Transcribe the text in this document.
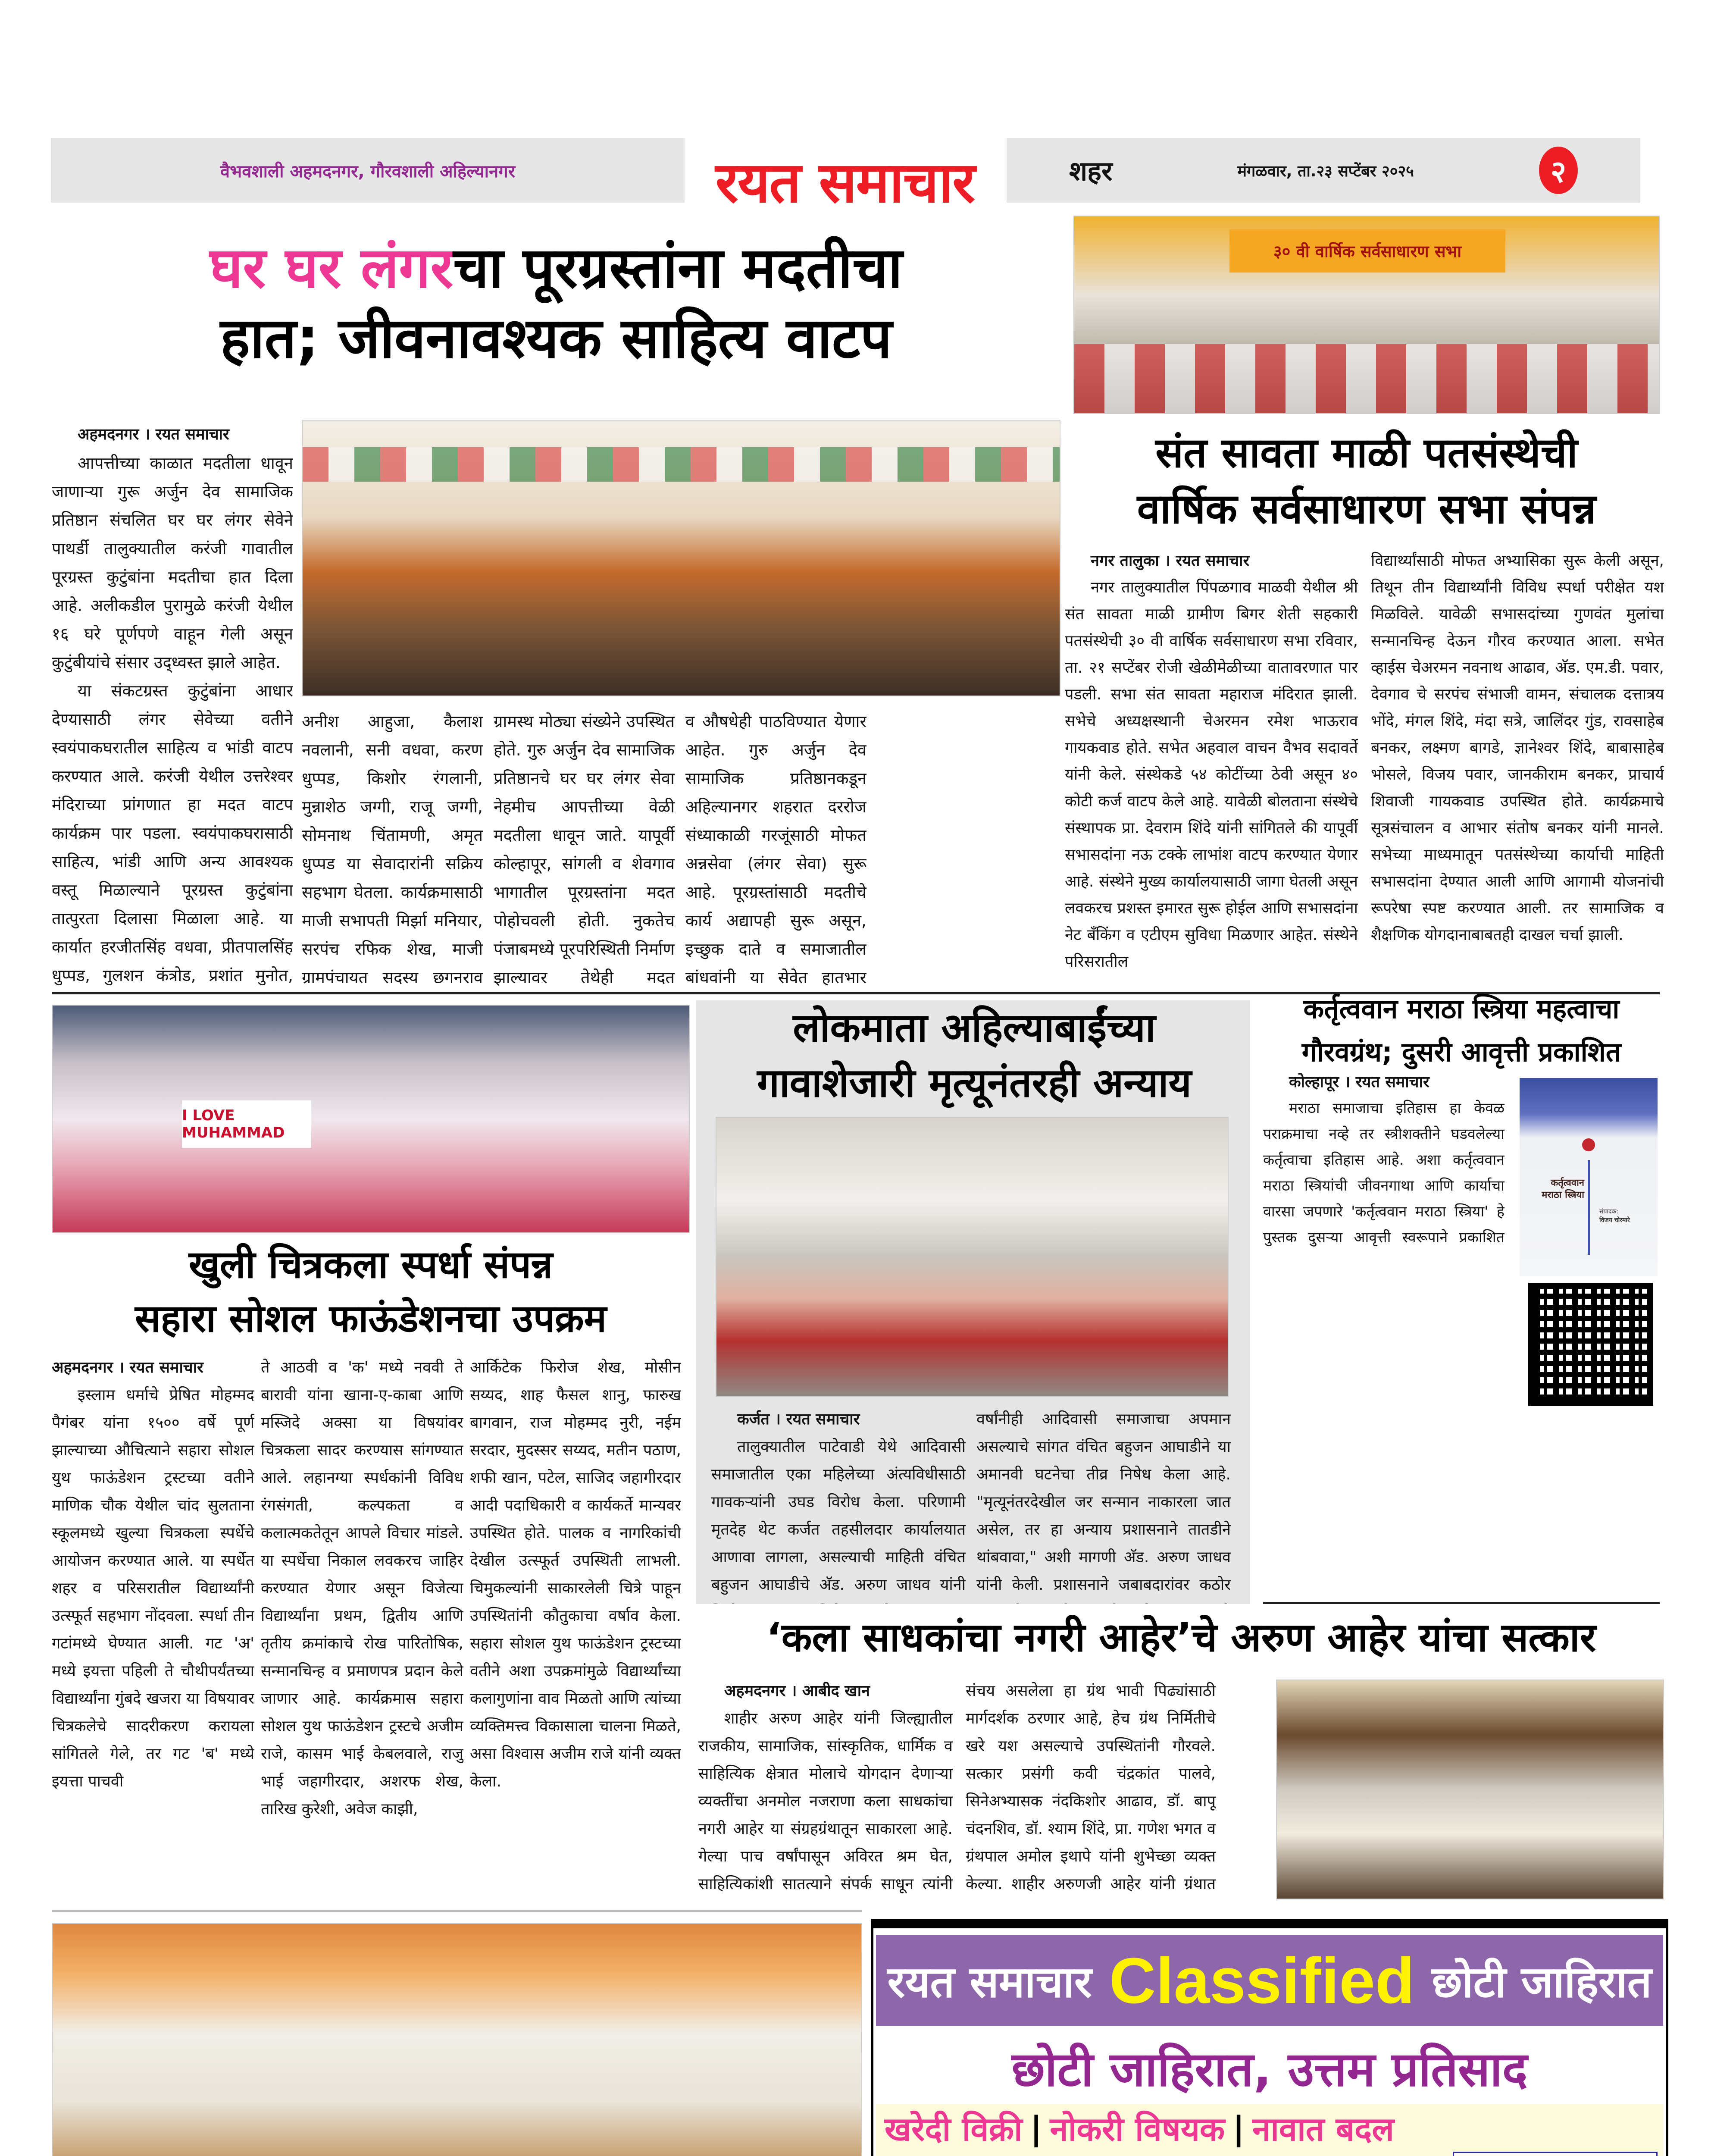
वैभवशाली अहमदनगर, गौरवशाली अहिल्यानगर	रयत समाचार	शहर	मंगळवार, ता.२३ सप्टेंबर २०२५	२
घर घर लंगरचा पूरग्रस्तांना मदतीचा
हात; जीवनावश्यक साहित्य वाटप
अहमदनगर । रयत समाचार

आपत्तीच्या काळात मदतीला धावून जाणाऱ्या गुरू अर्जुन देव सामाजिक प्रतिष्ठान संचलित घर घर लंगर सेवेने पाथर्डी तालुक्यातील करंजी गावातील पूरग्रस्त कुटुंबांना मदतीचा हात दिला आहे. अलीकडील पुरामुळे करंजी येथील १६ घरे पूर्णपणे वाहून गेली असून कुटुंबीयांचे संसार उद्ध्वस्त झाले आहेत.

या संकटग्रस्त कुटुंबांना आधार देण्यासाठी लंगर सेवेच्या वतीने स्वयंपाकघरातील साहित्य व भांडी वाटप करण्यात आले. करंजी येथील उत्तरेश्वर मंदिराच्या प्रांगणात हा मदत वाटप कार्यक्रम पार पडला. स्वयंपाकघरासाठी साहित्य, भांडी आणि अन्य आवश्यक वस्तू मिळाल्याने पूरग्रस्त कुटुंबांना तात्पुरता दिलासा मिळाला आहे. या कार्यात हरजीतसिंह वधवा, प्रीतपालसिंह धुप्पड, गुलशन कंत्रोड, प्रशांत मुनोत,

अनीश आहुजा, कैलाश नवलानी, सनी वधवा, करण धुप्पड, किशोर रंगलानी, मुन्नाशेठ जग्गी, राजू जग्गी, सोमनाथ चिंतामणी, अमृत धुप्पड या सेवादारांनी सक्रिय सहभाग घेतला. कार्यक्रमासाठी माजी सभापती मिर्झा मनियार, सरपंच रफिक शेख, माजी ग्रामपंचायत सदस्य छगनराव

ग्रामस्थ मोठ्या संख्येने उपस्थित होते. गुरु अर्जुन देव सामाजिक प्रतिष्ठानचे घर घर लंगर सेवा नेहमीच आपत्तीच्या वेळी मदतीला धावून जाते. यापूर्वी कोल्हापूर, सांगली व शेवगाव भागातील पूरग्रस्तांना मदत पोहोचवली होती. नुकतेच पंजाबमध्ये पूरपरिस्थिती निर्माण झाल्यावर तेथेही मदत

व औषधेही पाठविण्यात येणार आहेत. गुरु अर्जुन देव सामाजिक प्रतिष्ठानकडून अहिल्यानगर शहरात दररोज संध्याकाळी गरजूंसाठी मोफत अन्नसेवा (लंगर सेवा) सुरू आहे. पूरग्रस्तांसाठी मदतीचे कार्य अद्यापही सुरू असून, इच्छुक दाते व समाजातील बांधवांनी या सेवेत हातभार

३० वी वार्षिक सर्वसाधारण सभा
संत सावता माळी पतसंस्थेची
वार्षिक सर्वसाधारण सभा संपन्न
नगर तालुका । रयत समाचार

नगर तालुक्यातील पिंपळगाव माळवी येथील श्री संत सावता माळी ग्रामीण बिगर शेती सहकारी पतसंस्थेची ३० वी वार्षिक सर्वसाधारण सभा रविवार, ता. २१ सप्टेंबर रोजी खेळीमेळीच्या वातावरणात पार पडली. सभा संत सावता महाराज मंदिरात झाली. सभेचे अध्यक्षस्थानी चेअरमन रमेश भाऊराव गायकवाड होते. सभेत अहवाल वाचन वैभव सदावर्ते यांनी केले. संस्थेकडे ५४ कोटींच्या ठेवी असून ४० कोटी कर्ज वाटप केले आहे. यावेळी बोलताना संस्थेचे संस्थापक प्रा. देवराम शिंदे यांनी सांगितले की यापूर्वी सभासदांना नऊ टक्के लाभांश वाटप करण्यात येणार आहे. संस्थेने मुख्य कार्यालयासाठी जागा घेतली असून लवकरच प्रशस्त इमारत सुरू होईल आणि सभासदांना नेट बँकिंग व एटीएम सुविधा मिळणार आहेत. संस्थेने परिसरातील

विद्यार्थ्यांसाठी मोफत अभ्यासिका सुरू केली असून, तिथून तीन विद्यार्थ्यांनी विविध स्पर्धा परीक्षेत यश मिळविले. यावेळी सभासदांच्या गुणवंत मुलांचा सन्मानचिन्ह देऊन गौरव करण्यात आला. सभेत व्हाईस चेअरमन नवनाथ आढाव, अ‍ॅड. एम.डी. पवार, देवगाव चे सरपंच संभाजी वामन, संचालक दत्तात्रय भोंदे, मंगल शिंदे, मंदा सत्रे, जालिंदर गुंड, रावसाहेब बनकर, लक्ष्मण बागडे, ज्ञानेश्वर शिंदे, बाबासाहेब भोसले, विजय पवार, जानकीराम बनकर, प्राचार्य शिवाजी गायकवाड उपस्थित होते. कार्यक्रमाचे सूत्रसंचालन व आभार संतोष बनकर यांनी मानले. सभेच्या माध्यमातून पतसंस्थेच्या कार्याची माहिती सभासदांना देण्यात आली आणि आगामी योजनांची रूपरेषा स्पष्ट करण्यात आली. तर सामाजिक व शैक्षणिक योगदानाबाबतही दाखल चर्चा झाली.

I LOVE MUHAMMAD
खुली चित्रकला स्पर्धा संपन्न
सहारा सोशल फाऊंडेशनचा उपक्रम
अहमदनगर । रयत समाचार

इस्लाम धर्माचे प्रेषित मोहम्मद पैगंबर यांना १५०० वर्षे पूर्ण झाल्याच्या औचित्याने सहारा सोशल युथ फाऊंडेशन ट्रस्टच्या वतीने माणिक चौक येथील चांद सुलताना स्कूलमध्ये खुल्या चित्रकला स्पर्धेचे आयोजन करण्यात आले. या स्पर्धेत शहर व परिसरातील विद्यार्थ्यांनी उत्स्फूर्त सहभाग नोंदवला. स्पर्धा तीन गटांमध्ये घेण्यात आली. गट 'अ' मध्ये इयत्ता पहिली ते चौथीपर्यंतच्या विद्यार्थ्यांना गुंबदे खजरा या विषयावर चित्रकलेचे सादरीकरण करायला सांगितले गेले, तर गट 'ब' मध्ये इयत्ता पाचवी

ते आठवी व 'क' मध्ये नववी ते बारावी यांना खाना-ए-काबा आणि मस्जिदे अक्सा या विषयांवर चित्रकला सादर करण्यास सांगण्यात आले. लहानग्या स्पर्धकांनी विविध रंगसंगती, कल्पकता व कलात्मकतेतून आपले विचार मांडले. या स्पर्धेचा निकाल लवकरच जाहिर करण्यात येणार असून विजेत्या विद्यार्थ्यांना प्रथम, द्वितीय आणि तृतीय क्रमांकाचे रोख पारितोषिक, सन्मानचिन्ह व प्रमाणपत्र प्रदान केले जाणार आहे. कार्यक्रमास सहारा सोशल युथ फाऊंडेशन ट्रस्टचे अजीम राजे, कासम भाई केबलवाले, राजु भाई जहागीरदार, अशरफ शेख, तारिख कुरेशी, अवेज काझी,

आर्किटेक फिरोज शेख, मोसीन सय्यद, शाह फैसल शानु, फारुख बागवान, राज मोहम्मद नुरी, नईम सरदार, मुदस्सर सय्यद, मतीन पठाण, शफी खान, पटेल, साजिद जहागीरदार आदी पदाधिकारी व कार्यकर्ते मान्यवर उपस्थित होते. पालक व नागरिकांची देखील उत्स्फूर्त उपस्थिती लाभली. चिमुकल्यांनी साकारलेली चित्रे पाहून उपस्थितांनी कौतुकाचा वर्षाव केला. सहारा सोशल युथ फाऊंडेशन ट्रस्टच्या वतीने अशा उपक्रमांमुळे विद्यार्थ्यांच्या कलागुणांना वाव मिळतो आणि त्यांच्या व्यक्तिमत्त्व विकासाला चालना मिळते, असा विश्वास अजीम राजे यांनी व्यक्त केला.

लोकमाता अहिल्याबाईंच्या
गावाशेजारी मृत्यूनंतरही अन्याय
कर्जत । रयत समाचार

तालुक्यातील पाटेवाडी येथे आदिवासी समाजातील एका महिलेच्या अंत्यविधीसाठी गावकऱ्यांनी उघड विरोध केला. परिणामी मृतदेह थेट कर्जत तहसीलदार कार्यालयात आणावा लागला, असल्याची माहिती वंचित बहुजन आघाडीचे अ‍ॅड. अरुण जाधव यांनी

वर्षांनीही आदिवासी समाजाचा अपमान असल्याचे सांगत वंचित बहुजन आघाडीने या अमानवी घटनेचा तीव्र निषेध केला आहे. "मृत्यूनंतरदेखील जर सन्मान नाकारला जात असेल, तर हा अन्याय प्रशासनाने तातडीने थांबवावा," अशी मागणी अ‍ॅड. अरुण जाधव यांनी केली. प्रशासनाने जबाबदारांवर कठोर

कर्तृत्ववान मराठा स्त्रिया महत्वाचा
गौरवग्रंथ; दुसरी आवृत्ती प्रकाशित
कोल्हापूर । रयत समाचार

मराठा समाजाचा इतिहास हा केवळ पराक्रमाचा नव्हे तर स्त्रीशक्तीने घडवलेल्या कर्तृत्वाचा इतिहास आहे. अशा कर्तृत्ववान मराठा स्त्रियांची जीवनगाथा आणि कार्याचा वारसा जपणारे 'कर्तृत्ववान मराठा स्त्रिया' हे पुस्तक दुसऱ्या आवृत्ती स्वरूपाने प्रकाशित

कर्तृत्ववान
मराठा स्त्रिया
संपादक:
विजय चोरमारे
‘कला साधकांचा नगरी आहेर’चे अरुण आहेर यांचा सत्कार
अहमदनगर । आबीद खान

शाहीर अरुण आहेर यांनी जिल्ह्यातील राजकीय, सामाजिक, सांस्कृतिक, धार्मिक व साहित्यिक क्षेत्रात मोलाचे योगदान देणाऱ्या व्यक्तींचा अनमोल नजराणा कला साधकांचा नगरी आहेर या संग्रहग्रंथातून साकारला आहे. गेल्या पाच वर्षांपासून अविरत श्रम घेत, साहित्यिकांशी सातत्याने संपर्क साधून त्यांनी

संचय असलेला हा ग्रंथ भावी पिढ्यांसाठी मार्गदर्शक ठरणार आहे, हेच ग्रंथ निर्मितीचे खरे यश असल्याचे उपस्थितांनी गौरवले. सत्कार प्रसंगी कवी चंद्रकांत पालवे, सिनेअभ्यासक नंदकिशोर आढाव, डॉ. बापू चंदनशिव, डॉ. श्याम शिंदे, प्रा. गणेश भगत व ग्रंथपाल अमोल इथापे यांनी शुभेच्छा व्यक्त केल्या. शाहीर अरुणजी आहेर यांनी ग्रंथात

रयत समाचार Classified छोटी जाहिरात
छोटी जाहिरात, उत्तम प्रतिसाद
खरेदी विक्री | नोकरी विषयक | नावात बदल
